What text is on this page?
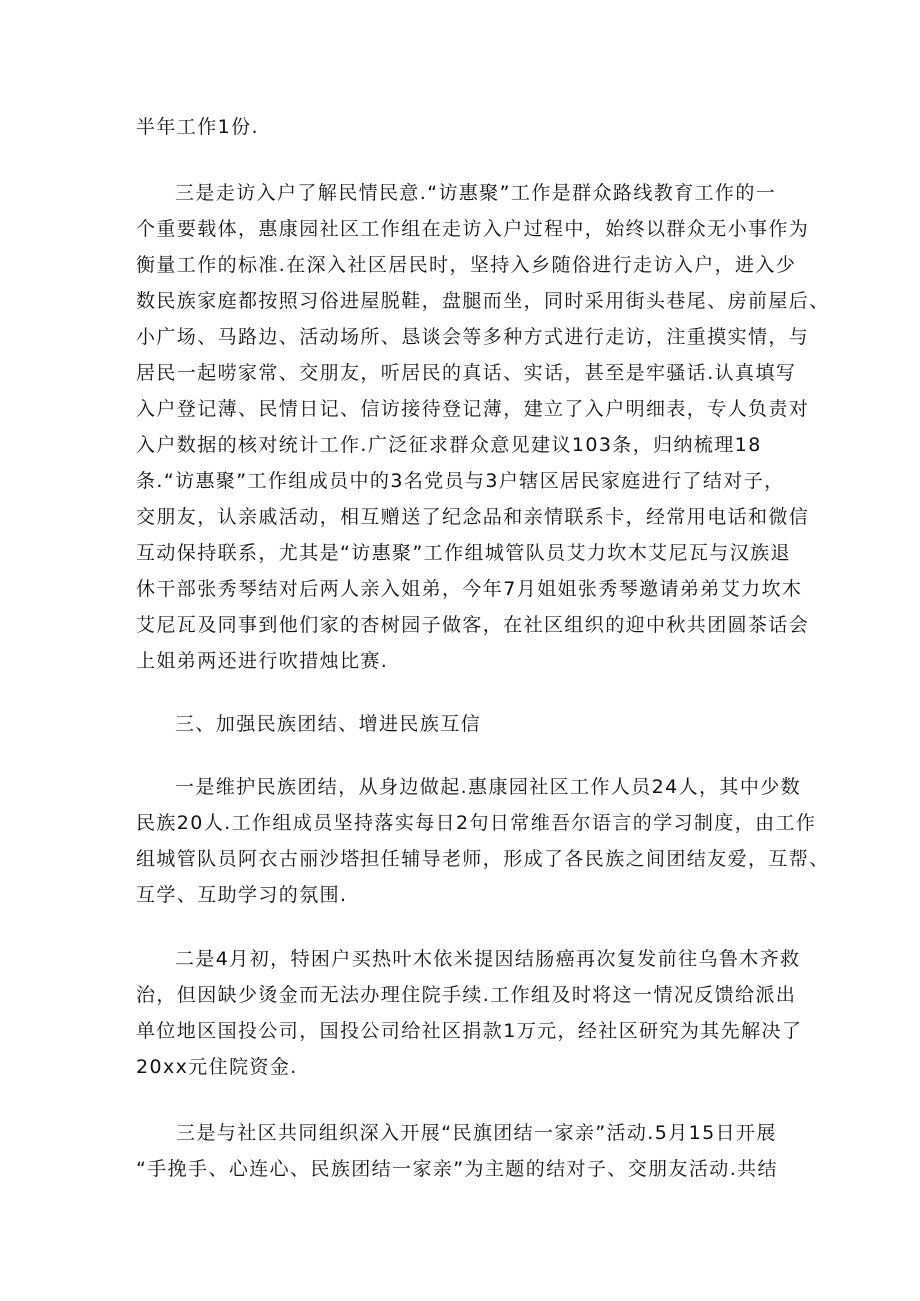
半年工作1份.
三是走访入户了解民情民意.“访惠聚”工作是群众路线教育工作的一
个重要载体，惠康园社区工作组在走访入户过程中，始终以群众无小事作为
衡量工作的标准.在深入社区居民时，坚持入乡随俗进行走访入户，进入少
数民族家庭都按照习俗进屋脱鞋，盘腿而坐，同时采用街头巷尾、房前屋后、
小广场、马路边、活动场所、恳谈会等多种方式进行走访，注重摸实情，与
居民一起唠家常、交朋友，听居民的真话、实话，甚至是牢骚话.认真填写
入户登记薄、民情日记、信访接待登记薄，建立了入户明细表，专人负责对
入户数据的核对统计工作.广泛征求群众意见建议103条，归纳梳理18
条.“访惠聚”工作组成员中的3名党员与3户辖区居民家庭进行了结对子，
交朋友，认亲戚活动，相互赠送了纪念品和亲情联系卡，经常用电话和微信
互动保持联系，尤其是“访惠聚”工作组城管队员艾力坎木艾尼瓦与汉族退
休干部张秀琴结对后两人亲入姐弟，今年7月姐姐张秀琴邀请弟弟艾力坎木
艾尼瓦及同事到他们家的杏树园子做客，在社区组织的迎中秋共团圆茶话会
上姐弟两还进行吹措烛比赛.
三、加强民族团结、增进民族互信
一是维护民族团结，从身边做起.惠康园社区工作人员24人，其中少数
民族20人.工作组成员坚持落实每日2句日常维吾尔语言的学习制度，由工作
组城管队员阿衣古丽沙塔担任辅导老师，形成了各民族之间团结友爱，互帮、
互学、互助学习的氛围.
二是4月初，特困户买热叶木依米提因结肠癌再次复发前往乌鲁木齐救
治，但因缺少烫金而无法办理住院手续.工作组及时将这一情况反馈给派出
单位地区国投公司，国投公司给社区捐款1万元，经社区研究为其先解决了
20xx元住院资金.
三是与社区共同组织深入开展“民旗团结一家亲”活动.5月15日开展
“手挽手、心连心、民族团结一家亲”为主题的结对子、交朋友活动.共结
